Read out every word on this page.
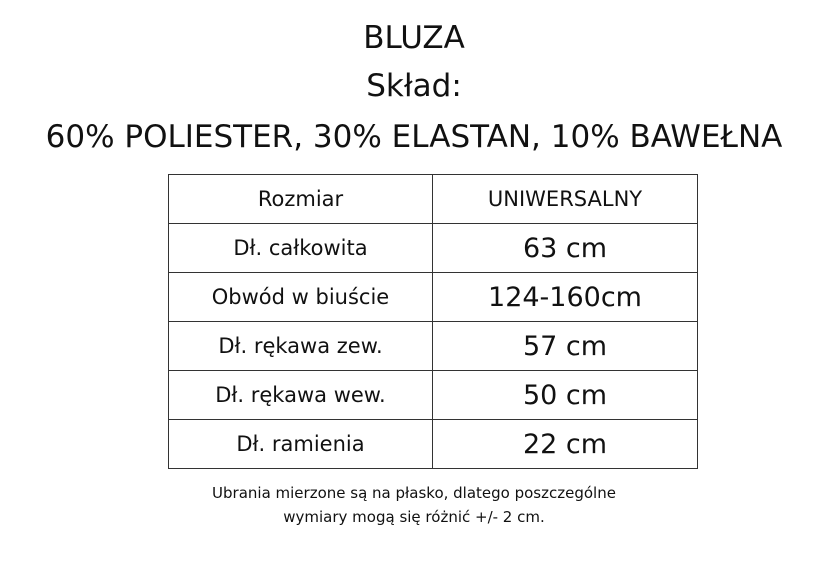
BLUZA
Skład:
60% POLIESTER, 30% ELASTAN, 10% BAWEŁNA
Rozmiar	UNIWERSALNY
Dł. całkowita	63 cm
Obwód w biuście	124-160cm
Dł. rękawa zew.	57 cm
Dł. rękawa wew.	50 cm
Dł. ramienia	22 cm
Ubrania mierzone są na płasko, dlatego poszczególne
wymiary mogą się różnić +/- 2 cm.
